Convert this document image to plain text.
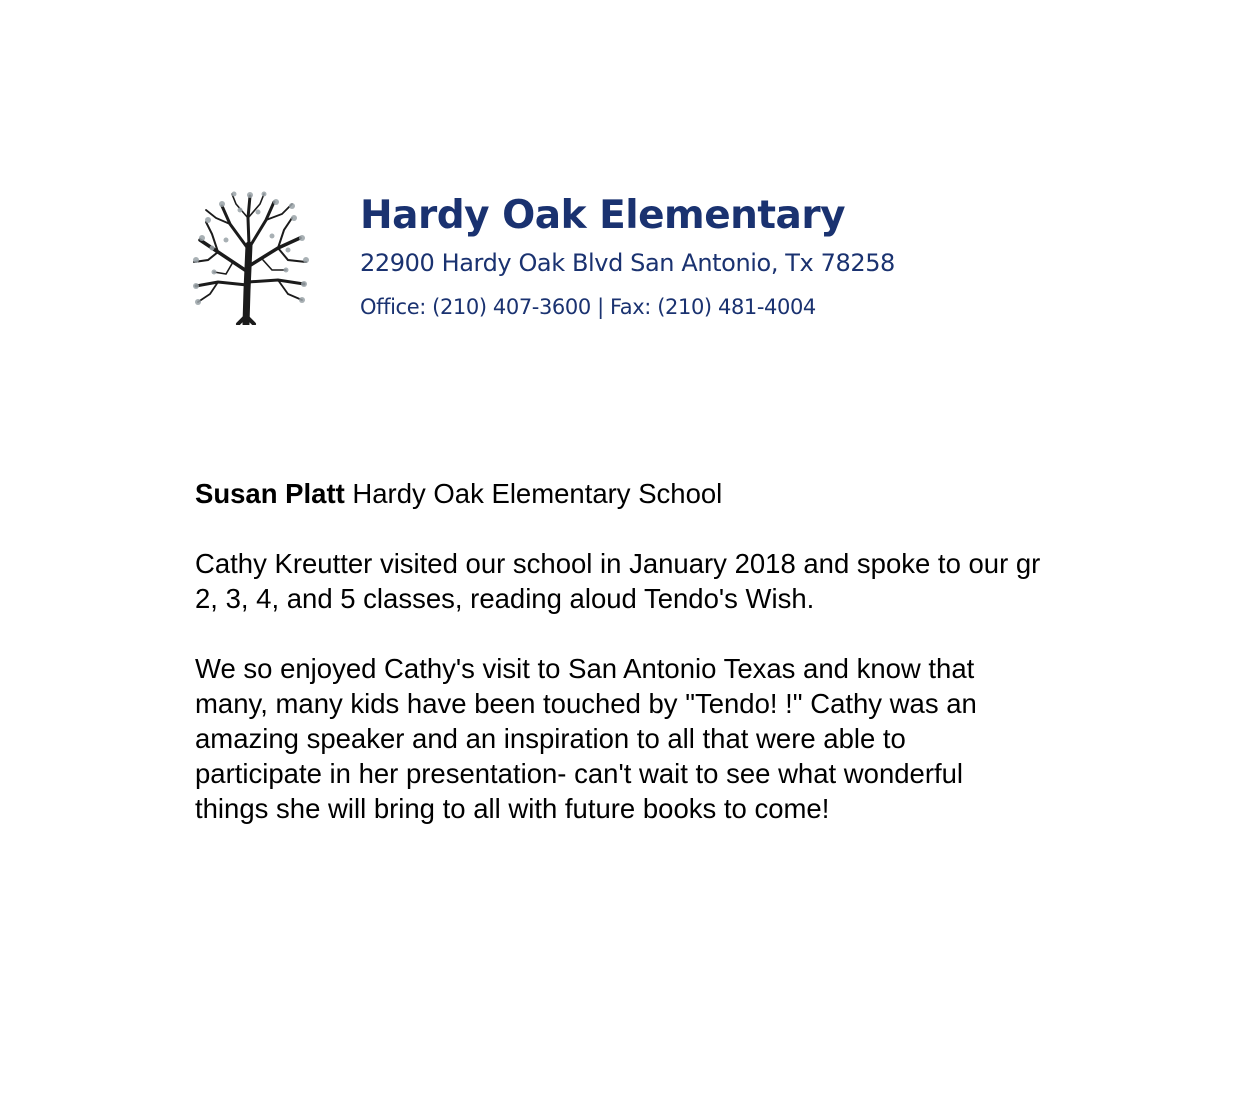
Hardy Oak Elementary
22900 Hardy Oak Blvd San Antonio, Tx 78258
Office: (210) 407-3600 | Fax: (210) 481-4004

Susan Platt Hardy Oak Elementary School

Cathy Kreutter visited our school in January 2018 and spoke to our gr
2, 3, 4, and 5 classes, reading aloud Tendo's Wish.

We so enjoyed Cathy's visit to San Antonio Texas and know that
many, many kids have been touched by "Tendo! !" Cathy was an
amazing speaker and an inspiration to all that were able to
participate in her presentation- can't wait to see what wonderful
things she will bring to all with future books to come!
